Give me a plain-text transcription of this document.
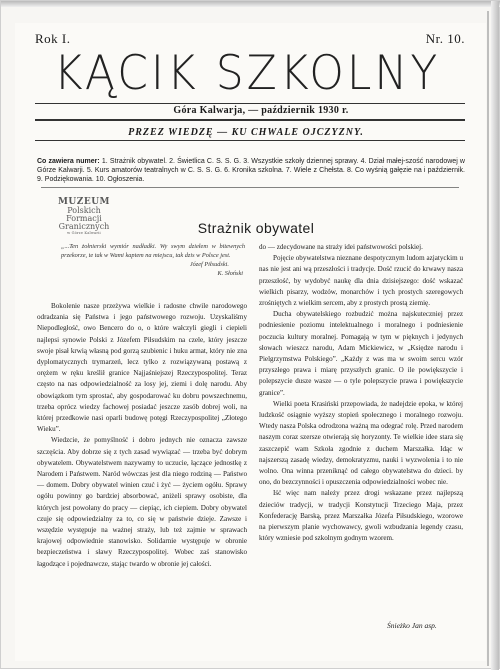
Rok I.	Nr. 10.
KĄCIK SZKOLNY
Góra Kalwarja, — październik 1930 r.
PRZEZ WIEDZĘ — KU CHWALE OJCZYZNY.
Co zawiera numer: 1. Strażnik obywatel. 2. Świetlica C. S. S. G. 3. Wszystkie szkoły dziennej sprawy. 4. Dział małej-szość narodowej w Górze Kalwarji. 5. Kurs amatorów teatralnych w C. S. S. G. 6. Kronika szkolna. 7. Wiele z Chełsta. 8. Co wyśnią gałęzie na i październik. 9. Podziękowania. 10. Ogłoszenia.
MUZEUM
Polskich
Formacji
Granicznych
w Górze Kalwarii	Strażnik obywatel
„...Ten żołnierski wymiór nadładki. Wy swym dziełem w bitewnych przekorze, te tak w Wami kaptem na miejscu, tak dzis w Polsce jest.
Józef Piłsudski.
K. Słoński

Bokolenie nasze przeżywa wielkie i radosne chwile narodowego odradzania się Państwa i jego państwowego rozwoju. Uzyskaliśmy Niepodległość, owo Bencero do o, o które wałczyli giegli i ciepieli najlepsi synowie Polski z Józefem Piłsudskim na czele, który jeszcze swoje pisał krwią własną pod gorzą szubienic i huku armat, który nie zna dyplomatycznych trymarzeń, lecz tylko z rozwiązywaną postawą z orężem w ręku kreślił granice Najjaśniejszej Rzeczypospolitej. Teraz często na nas odpowiedzialność za losy jej, ziemi i dolę narodu. Aby obowiązkom tym sprostać, aby gospodarować ku dobru powszechnemu, trzeba oprócz wiedzy fachowej posiadać jeszcze zasób dobrej woli, na której przedkowie nasi oparli budowę potęgi Rzeczypospolitej „Złotego Wieku”.

Wiedzcie, że pomyślność i dobro jednych nie oznacza zawsze szczęścia. Aby dobrze się z tych zasad wywiązać — trzeba być dobrym obywatelem. Obywatelstwem nazywamy to uczucie, łączące jednostkę z Narodem i Państwem. Naród wówczas jest dla niego rodziną — Państwo — domem. Dobry obywatel winien czuć i żyć — życiem ogółu. Sprawy ogółu powinny go bardziej absorbować, aniżeli sprawy osobiste, dla których jest powołany do pracy — ciepiąc, ich ciepiem. Dobry obywatel czuje się odpowiedzialny za to, co się w państwie dzieje. Zawsze i wszędzie występuje na ważnej straży, lub też zajmie w sprawach krajowej odpowiednie stanowisko. Solidarnie występuje w obronie bezpieczeństwa i sławy Rzeczypospolitej. Wobec zaś stanowisko łagodzące i pojednawcze, stając twardo w obronie jej całości.

do — zdecydowane na straży idei państwowości polskiej.

Pojęcie obywatelstwa nieznane despotycznym ludom azjatyckim u nas nie jest ani wą przeszłości i tradycje. Dość rzucić do krwawy nasza przeszłość, by wydobyć naukę dla dnia dzisiejszego: dość wskazać wielkich pisarzy, wodzów, monarchów i tych prostych szeregowych zrośniętych z wielkim sercem, aby z prostych prostą ziemię.

Ducha obywatelskiego rozbudzić można najskuteczniej przez podniesienie poziomu intelektualnego i moralnego i podniesienie poczucia kultury moralnej. Pomagają w tym w pięknych i jedynych słowach wieszcz narodu, Adam Mickiewicz, w „Księdze narodu i Pielgrzymstwa Polskiego”. „Każdy z was ma w swoim sercu wzór przyszłego prawa i miarę przyszłych granic. O ile powiększycie i polepszycie dusze wasze — o tyle polepszycie prawa i powiększycie granice”.

Wielki poeta Krasiński przepowiada, że nadejdzie epoka, w której ludzkość osiągnie wyższy stopień społecznego i moralnego rozwoju. Wtedy nasza Polska odrodzona ważną ma odegrać rolę. Przed narodem naszym coraz szersze otwierają się horyzonty. Te wielkie idee stara się zaszczepić wam Szkoła zgodnie z duchem Marszałka. Idąc w najszerszą zasadę wiedzy, demokratyzmu, nauki i wyzwolenia i to nie wolno. Ona winna przeniknąć od całego obywatelstwa do dzieci. by ono, do bezczynności i opuszczenia odpowiedzialności wobec nie.

Iść więc nam należy przez drogi wskazane przez najlepszą dzieciów tradycji, w tradycji Konstytucji Trzeciego Maja, przez Konfederację Barską, przez Marszałka Józefa Piłsudskiego, wzorowe na pierwszym planie wychowawcy, gwoli wzbudzania legendy czasu, który wzniesie pod szkolnym godnym wzorem.

Śnieżko Jan asp.
